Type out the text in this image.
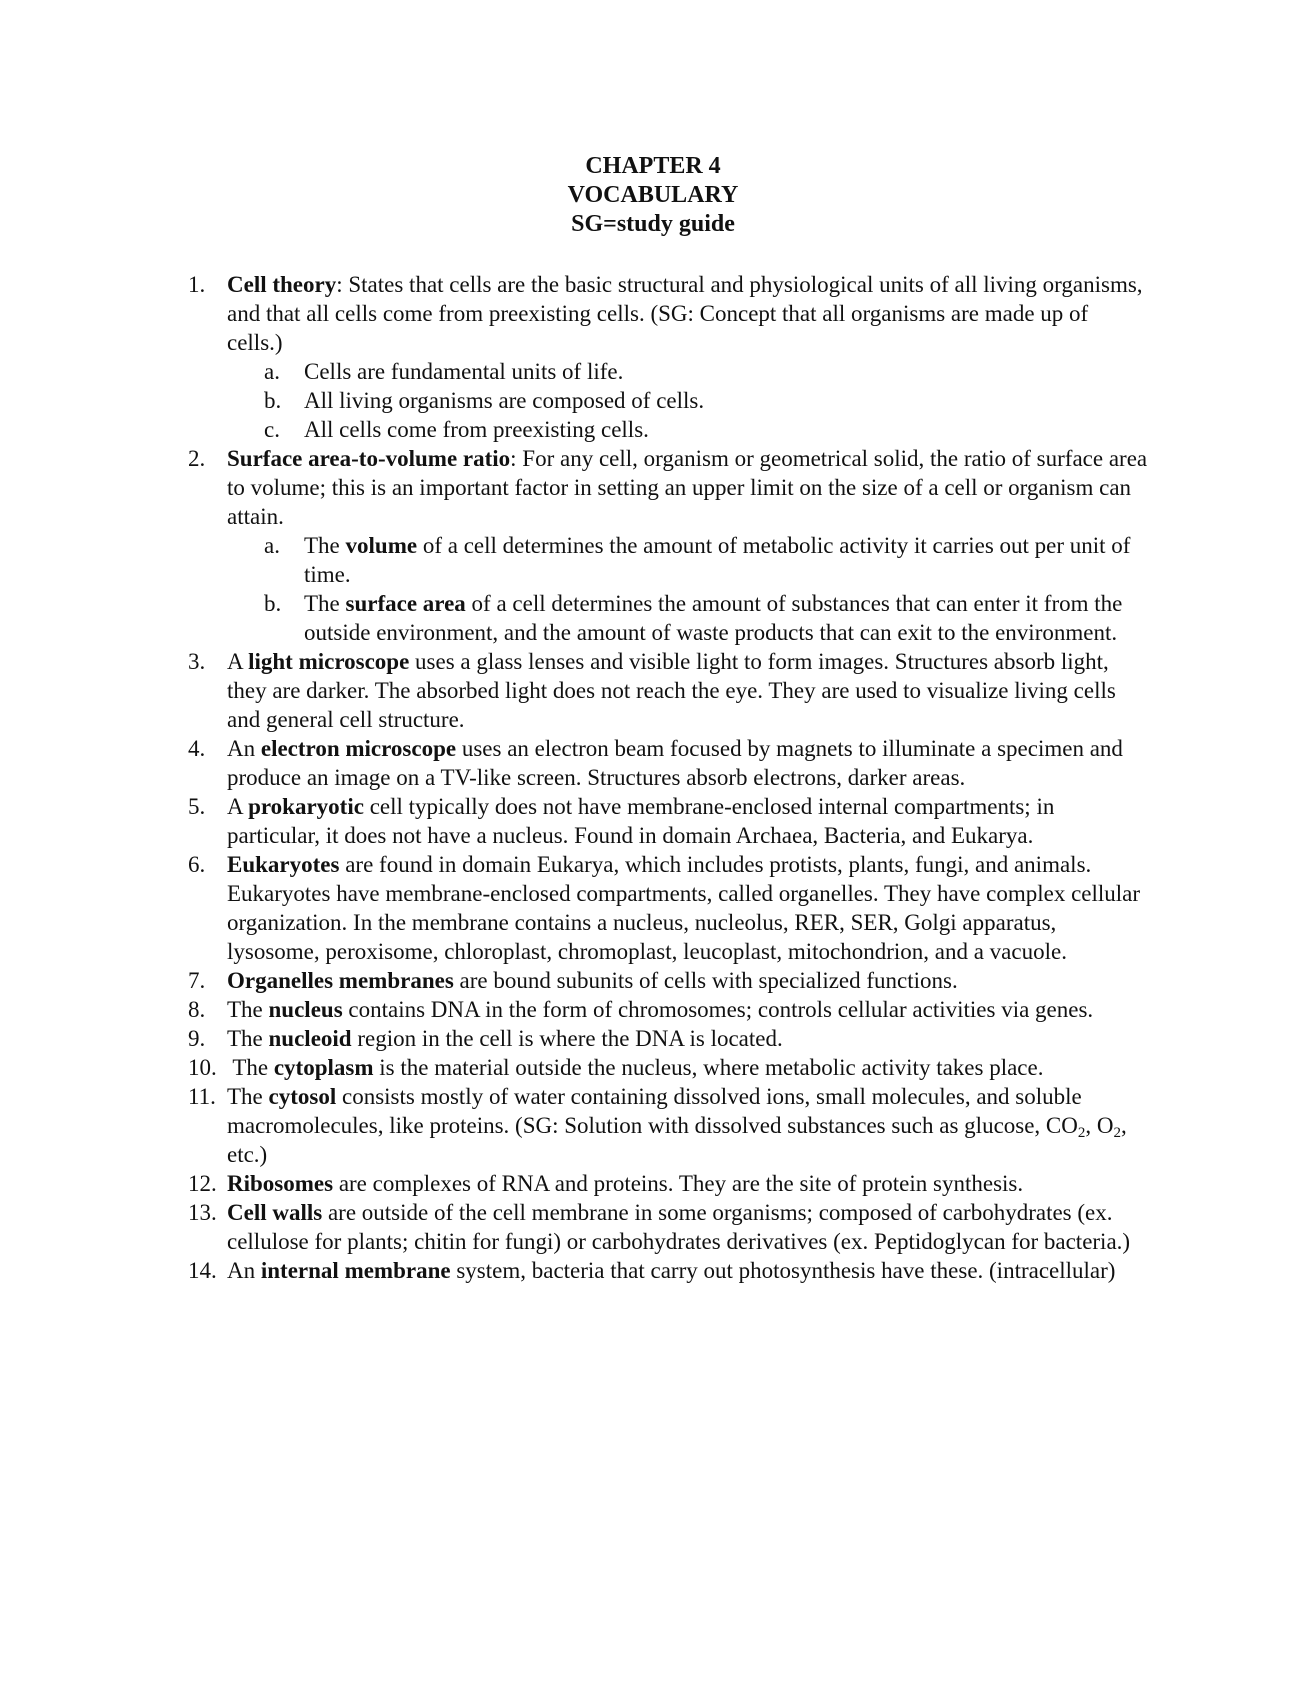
CHAPTER 4
VOCABULARY
SG=study guide
1. Cell theory: States that cells are the basic structural and physiological units of all living organisms, and that all cells come from preexisting cells. (SG: Concept that all organisms are made up of cells.)
a. Cells are fundamental units of life.
b. All living organisms are composed of cells.
c. All cells come from preexisting cells.
2. Surface area-to-volume ratio: For any cell, organism or geometrical solid, the ratio of surface area to volume; this is an important factor in setting an upper limit on the size of a cell or organism can attain.
a. The volume of a cell determines the amount of metabolic activity it carries out per unit of time.
b. The surface area of a cell determines the amount of substances that can enter it from the outside environment, and the amount of waste products that can exit to the environment.
3. A light microscope uses a glass lenses and visible light to form images. Structures absorb light, they are darker. The absorbed light does not reach the eye. They are used to visualize living cells and general cell structure.
4. An electron microscope uses an electron beam focused by magnets to illuminate a specimen and produce an image on a TV-like screen. Structures absorb electrons, darker areas.
5. A prokaryotic cell typically does not have membrane-enclosed internal compartments; in particular, it does not have a nucleus. Found in domain Archaea, Bacteria, and Eukarya.
6. Eukaryotes are found in domain Eukarya, which includes protists, plants, fungi, and animals. Eukaryotes have membrane-enclosed compartments, called organelles. They have complex cellular organization. In the membrane contains a nucleus, nucleolus, RER, SER, Golgi apparatus, lysosome, peroxisome, chloroplast, chromoplast, leucoplast, mitochondrion, and a vacuole.
7. Organelles membranes are bound subunits of cells with specialized functions.
8. The nucleus contains DNA in the form of chromosomes; controls cellular activities via genes.
9. The nucleoid region in the cell is where the DNA is located.
10. The cytoplasm is the material outside the nucleus, where metabolic activity takes place.
11. The cytosol consists mostly of water containing dissolved ions, small molecules, and soluble macromolecules, like proteins. (SG: Solution with dissolved substances such as glucose, $CO_2$, $O_2$, etc.)
12. Ribosomes are complexes of RNA and proteins. They are the site of protein synthesis.
13. Cell walls are outside of the cell membrane in some organisms; composed of carbohydrates (ex. cellulose for plants; chitin for fungi) or carbohydrates derivatives (ex. Peptidoglycan for bacteria.)
14. An internal membrane system, bacteria that carry out photosynthesis have these. (intracellular)
